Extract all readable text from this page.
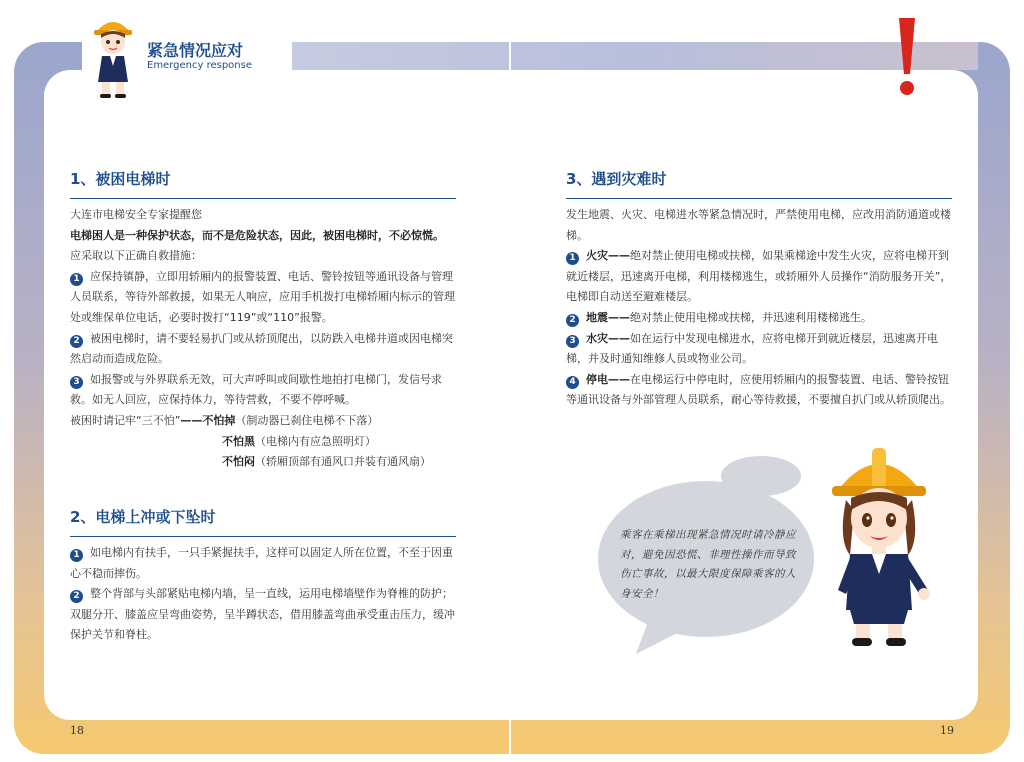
紧急情况应对
Emergency response

1、被困电梯时

大连市电梯安全专家提醒您

电梯困人是一种保护状态，而不是危险状态，因此，被困电梯时，不必惊慌。

应采取以下正确自救措施：

1 应保持镇静，立即用轿厢内的报警装置、电话、警铃按钮等通讯设备与管理人员联系，等待外部救援，如果无人响应，应用手机拨打电梯轿厢内标示的管理处或维保单位电话，必要时拨打“119”或“110”报警。

2 被困电梯时，请不要轻易扒门或从轿顶爬出，以防跌入电梯井道或因电梯突然启动而造成危险。

3 如报警或与外界联系无效，可大声呼叫或间歇性地拍打电梯门，发信号求救。如无人回应，应保持体力，等待营救，不要不停呼喊。

被困时请记牢“三不怕”——不怕掉（制动器已刹住电梯不下落）

不怕黑（电梯内有应急照明灯）

不怕闷（轿厢顶部有通风口并装有通风扇）

2、电梯上冲或下坠时

1 如电梯内有扶手，一只手紧握扶手，这样可以固定人所在位置，不至于因重心不稳而摔伤。

2 整个背部与头部紧贴电梯内墙，呈一直线，运用电梯墙壁作为脊椎的防护；双腿分开、膝盖应呈弯曲姿势，呈半蹲状态，借用膝盖弯曲承受重击压力，缓冲保护关节和脊柱。

3、遇到灾难时

发生地震、火灾、电梯进水等紧急情况时，严禁使用电梯，应改用消防通道或楼梯。

1 火灾——绝对禁止使用电梯或扶梯，如果乘梯途中发生火灾，应将电梯开到就近楼层，迅速离开电梯，利用楼梯逃生，或轿厢外人员操作“消防服务开关”，电梯即自动送至避难楼层。

2 地震——绝对禁止使用电梯或扶梯，并迅速利用楼梯逃生。

3 水灾——如在运行中发现电梯进水，应将电梯开到就近楼层，迅速离开电梯，并及时通知维修人员或物业公司。

4 停电——在电梯运行中停电时，应使用轿厢内的报警装置、电话、警铃按钮等通讯设备与外部管理人员联系，耐心等待救援，不要擅自扒门或从轿顶爬出。

乘客在乘梯出现紧急情况时请冷静应对，避免因恐慌、非理性操作而导致伤亡事故，以最大限度保障乘客的人身安全！
18	19
